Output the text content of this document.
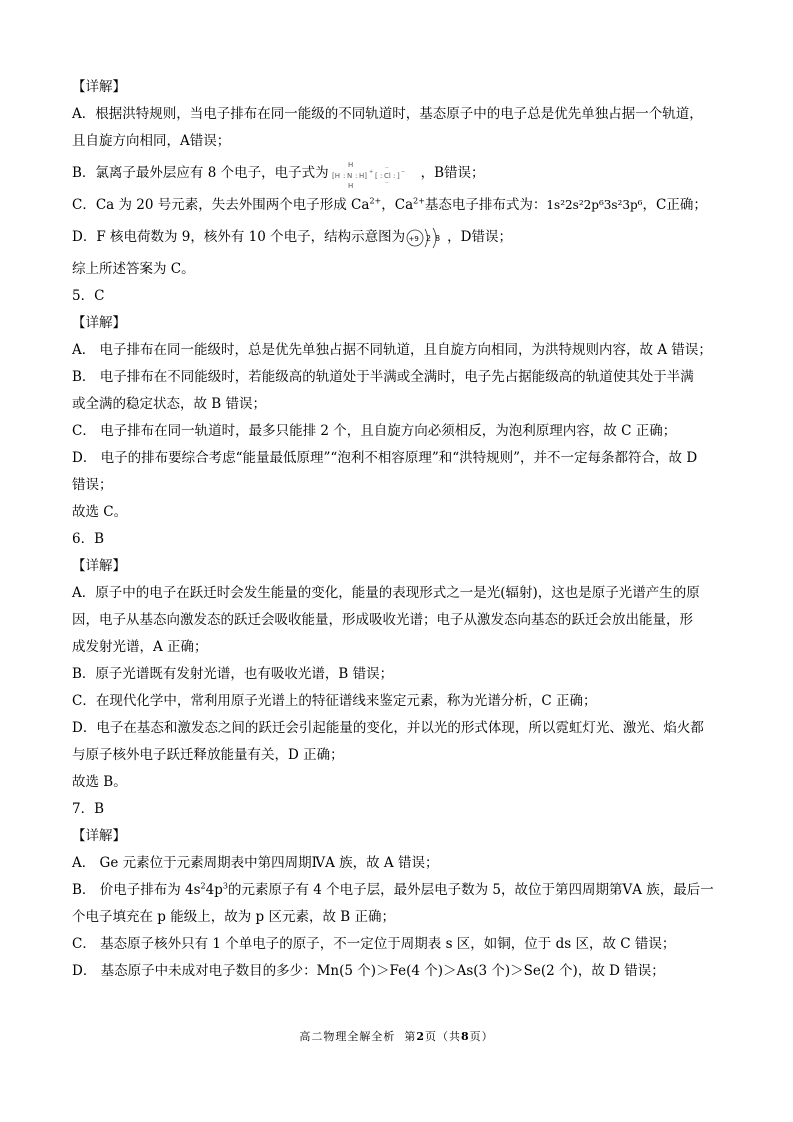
【详解】
A．根据洪特规则，当电子排布在同一能级的不同轨道时，基态原子中的电子总是优先单独占据一个轨道，
且自旋方向相同，A错误；
B．氯离子最外层应有 8 个电子，电子式为 [H : N : H]
H
H
+ [ : Cl : ] −
··
··
，B错误；
C．Ca 为 20 号元素，失去外围两个电子形成 $Ca^{2+}$，$Ca^{2+}$基态电子排布式为：1s²2s²2p⁶3s²3p⁶，C正确；
D．F 核电荷数为 9，核外有 10 个电子，结构示意图为 +9 2 8 ，D错误；
综上所述答案为 C。
5．C
【详解】
A． 电子排布在同一能级时，总是优先单独占据不同轨道，且自旋方向相同，为洪特规则内容，故 A 错误；
B． 电子排布在不同能级时，若能级高的轨道处于半满或全满时，电子先占据能级高的轨道使其处于半满
或全满的稳定状态，故 B 错误；
C． 电子排布在同一轨道时，最多只能排 2 个，且自旋方向必须相反，为泡利原理内容，故 C 正确；
D． 电子的排布要综合考虑“能量最低原理”“泡利不相容原理”和“洪特规则”，并不一定每条都符合，故 D
错误；
故选 C。
6．B
【详解】
A．原子中的电子在跃迁时会发生能量的变化，能量的表现形式之一是光(辐射)，这也是原子光谱产生的原
因，电子从基态向激发态的跃迁会吸收能量，形成吸收光谱；电子从激发态向基态的跃迁会放出能量，形
成发射光谱，A 正确；
B．原子光谱既有发射光谱，也有吸收光谱，B 错误；
C．在现代化学中，常利用原子光谱上的特征谱线来鉴定元素，称为光谱分析，C 正确；
D．电子在基态和激发态之间的跃迁会引起能量的变化，并以光的形式体现，所以霓虹灯光、激光、焰火都
与原子核外电子跃迁释放能量有关，D 正确；
故选 B。
7．B
【详解】
A． Ge 元素位于元素周期表中第四周期ⅣA 族，故 A 错误；
B． 价电子排布为 $4s^24p^3$的元素原子有 4 个电子层，最外层电子数为 5，故位于第四周期第ⅤA 族，最后一
个电子填充在 p 能级上，故为 p 区元素，故 B 正确；
C． 基态原子核外只有 1 个单电子的原子，不一定位于周期表 s 区，如铜，位于 ds 区，故 C 错误；
D． 基态原子中未成对电子数目的多少：Mn(5 个)＞Fe(4 个)＞As(3 个)＞Se(2 个)，故 D 错误；
高二物理全解全析 第2页（共8页）
